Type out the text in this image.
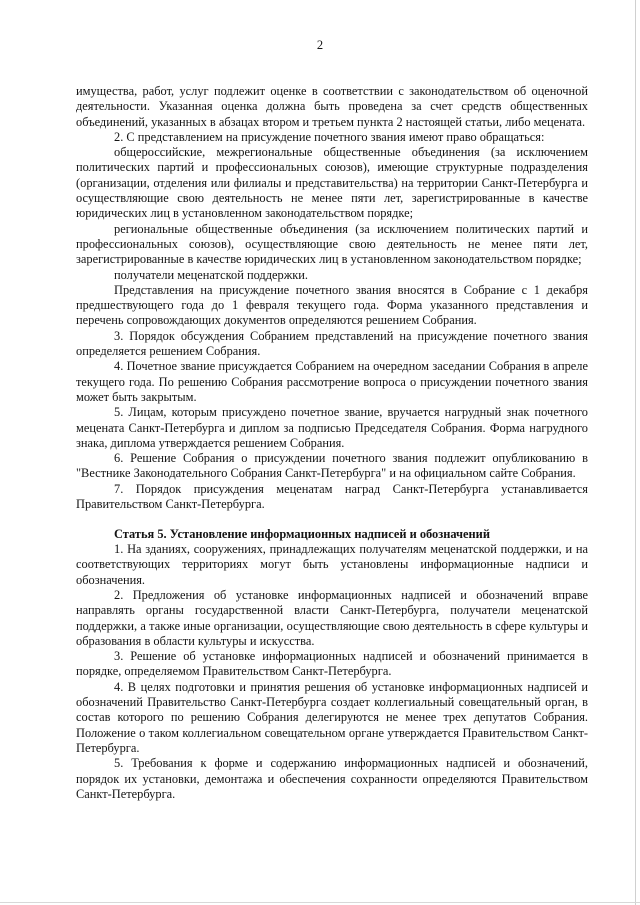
2

имущества, работ, услуг подлежит оценке в соответствии с законодательством об оценочной деятельности. Указанная оценка должна быть проведена за счет средств общественных объединений, указанных в абзацах втором и третьем пункта 2 настоящей статьи, либо мецената.

2. С представлением на присуждение почетного звания имеют право обращаться:

общероссийские, межрегиональные общественные объединения (за исключением политических партий и профессиональных союзов), имеющие структурные подразделения (организации, отделения или филиалы и представительства) на территории Санкт-Петербурга и осуществляющие свою деятельность не менее пяти лет, зарегистрированные в качестве юридических лиц в установленном законодательством порядке;

региональные общественные объединения (за исключением политических партий и профессиональных союзов), осуществляющие свою деятельность не менее пяти лет, зарегистрированные в качестве юридических лиц в установленном законодательством порядке;

получатели меценатской поддержки.

Представления на присуждение почетного звания вносятся в Собрание с 1 декабря предшествующего года до 1 февраля текущего года. Форма указанного представления и перечень сопровождающих документов определяются решением Собрания.

3. Порядок обсуждения Собранием представлений на присуждение почетного звания определяется решением Собрания.

4. Почетное звание присуждается Собранием на очередном заседании Собрания в апреле текущего года. По решению Собрания рассмотрение вопроса о присуждении почетного звания может быть закрытым.

5. Лицам, которым присуждено почетное звание, вручается нагрудный знак почетного мецената Санкт-Петербурга и диплом за подписью Председателя Собрания. Форма нагрудного знака, диплома утверждается решением Собрания.

6. Решение Собрания о присуждении почетного звания подлежит опубликованию в "Вестнике Законодательного Собрания Санкт-Петербурга" и на официальном сайте Собрания.

7. Порядок присуждения меценатам наград Санкт-Петербурга устанавливается Правительством Санкт-Петербурга.

Статья 5. Установление информационных надписей и обозначений

1. На зданиях, сооружениях, принадлежащих получателям меценатской поддержки, и на соответствующих территориях могут быть установлены информационные надписи и обозначения.

2. Предложения об установке информационных надписей и обозначений вправе направлять органы государственной власти Санкт-Петербурга, получатели меценатской поддержки, а также иные организации, осуществляющие свою деятельность в сфере культуры и образования в области культуры и искусства.

3. Решение об установке информационных надписей и обозначений принимается в порядке, определяемом Правительством Санкт-Петербурга.

4. В целях подготовки и принятия решения об установке информационных надписей и обозначений Правительство Санкт-Петербурга создает коллегиальный совещательный орган, в состав которого по решению Собрания делегируются не менее трех депутатов Собрания. Положение о таком коллегиальном совещательном органе утверждается Правительством Санкт-Петербурга.

5. Требования к форме и содержанию информационных надписей и обозначений, порядок их установки, демонтажа и обеспечения сохранности определяются Правительством Санкт-Петербурга.
